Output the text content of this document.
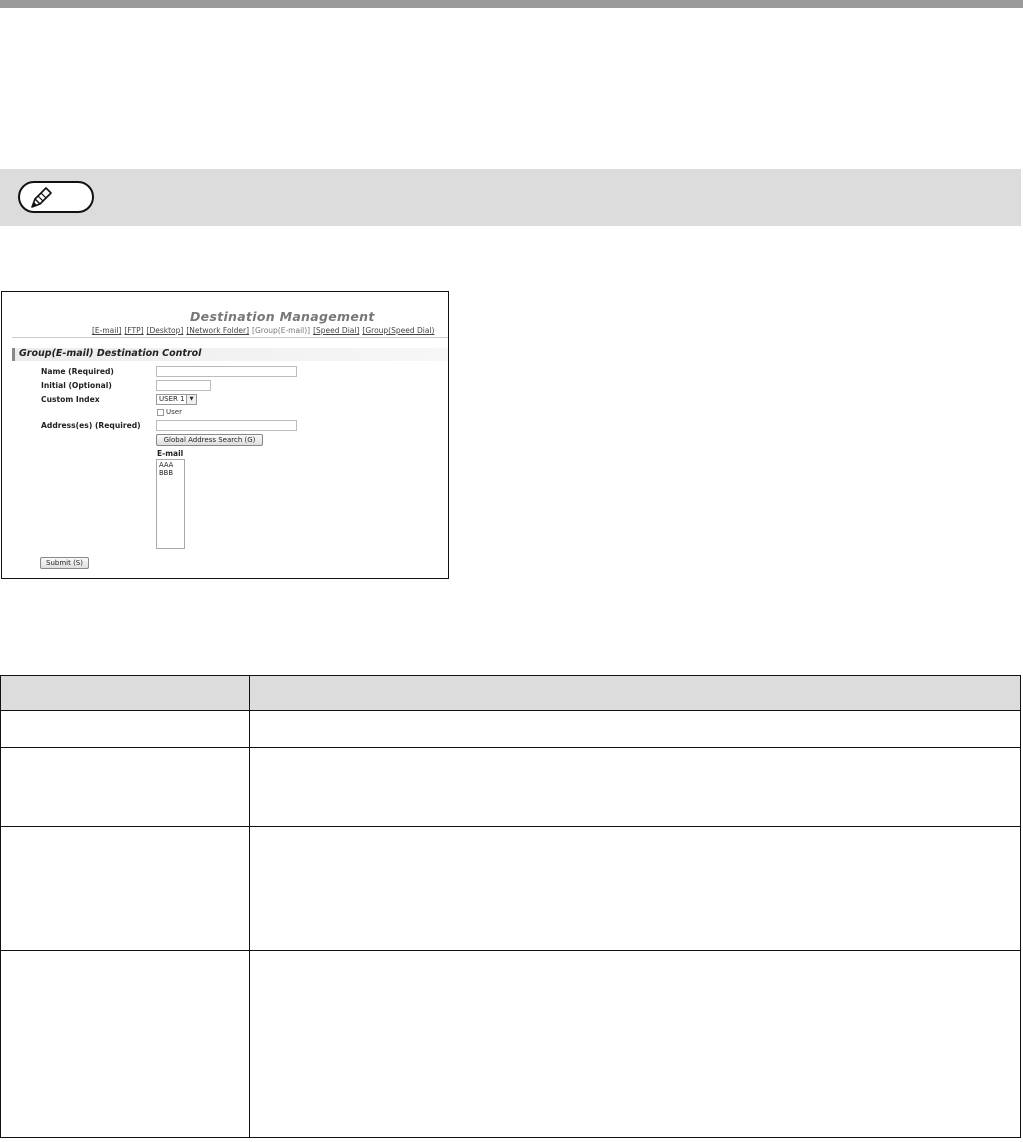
Destination Management
[E-mail] [FTP] [Desktop] [Network Folder] [Group(E-mail)] [Speed Dial] [Group(Speed Dial)
Group(E-mail) Destination Control
Name (Required)
Initial (Optional)
Custom Index	USER 1	▼
User
Address(es) (Required)
Global Address Search (G)
E-mail
AAA
BBB
Submit (S)
